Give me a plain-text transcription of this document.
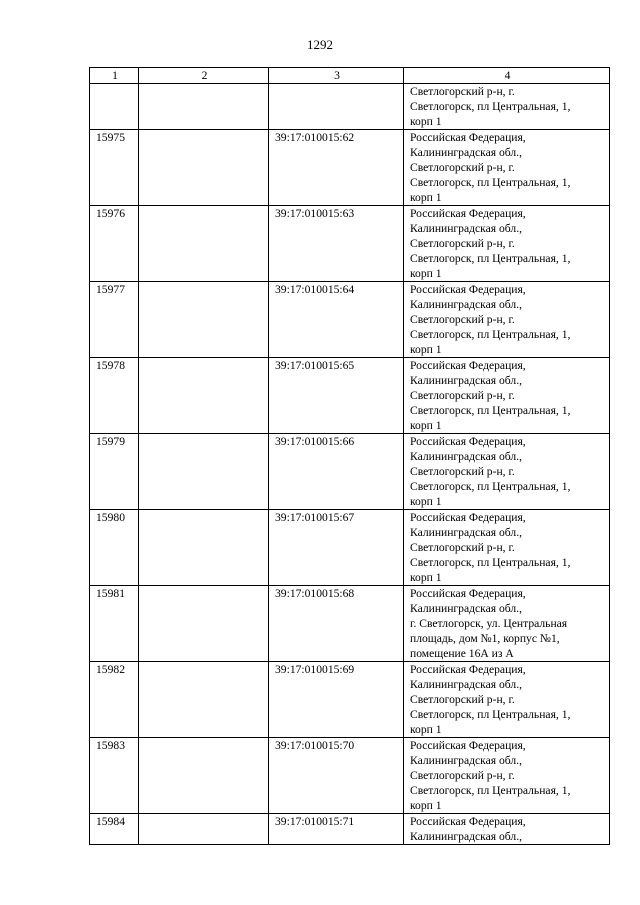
1292
1	2	3	4

			Светлогорский р-н, г.
Светлогорск, пл Центральная, 1,
корп 1

15975		39:17:010015:62	Российская Федерация,
Калининградская обл.,
Светлогорский р-н, г.
Светлогорск, пл Центральная, 1,
корп 1

15976		39:17:010015:63	Российская Федерация,
Калининградская обл.,
Светлогорский р-н, г.
Светлогорск, пл Центральная, 1,
корп 1

15977		39:17:010015:64	Российская Федерация,
Калининградская обл.,
Светлогорский р-н, г.
Светлогорск, пл Центральная, 1,
корп 1

15978		39:17:010015:65	Российская Федерация,
Калининградская обл.,
Светлогорский р-н, г.
Светлогорск, пл Центральная, 1,
корп 1

15979		39:17:010015:66	Российская Федерация,
Калининградская обл.,
Светлогорский р-н, г.
Светлогорск, пл Центральная, 1,
корп 1

15980		39:17:010015:67	Российская Федерация,
Калининградская обл.,
Светлогорский р-н, г.
Светлогорск, пл Центральная, 1,
корп 1

15981		39:17:010015:68	Российская Федерация,
Калининградская обл.,
г. Светлогорск, ул. Центральная
площадь, дом №1, корпус №1,
помещение 16А из А

15982		39:17:010015:69	Российская Федерация,
Калининградская обл.,
Светлогорский р-н, г.
Светлогорск, пл Центральная, 1,
корп 1

15983		39:17:010015:70	Российская Федерация,
Калининградская обл.,
Светлогорский р-н, г.
Светлогорск, пл Центральная, 1,
корп 1

15984		39:17:010015:71	Российская Федерация,
Калининградская обл.,
